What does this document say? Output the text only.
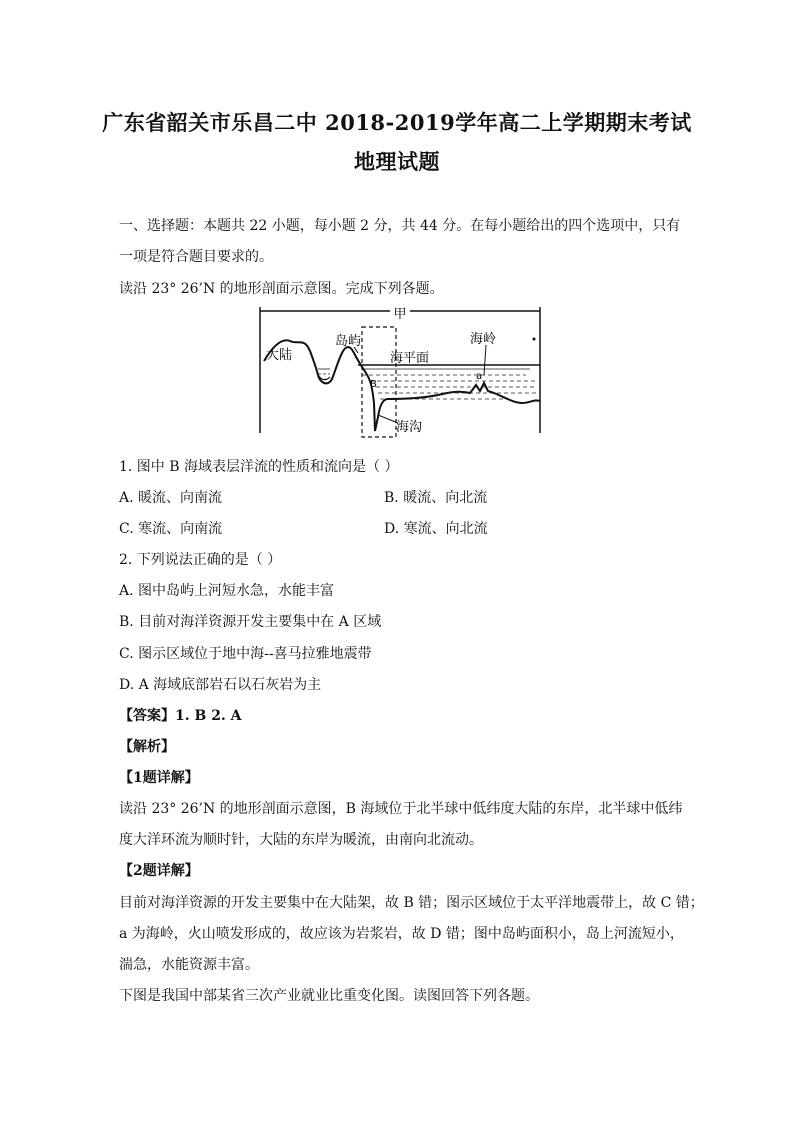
广东省韶关市乐昌二中 2018-2019学年高二上学期期末考试
地理试题
一、选择题：本题共 22 小题，每小题 2 分，共 44 分。在每小题给出的四个选项中，只有
一项是符合题目要求的。
读沿 23° 26’N 的地形剖面示意图。完成下列各题。
甲
大陆
岛屿
海平面
海岭
海沟
a
B
1. 图中 B 海域表层洋流的性质和流向是（ ）
A. 暖流、向南流	B. 暖流、向北流
C. 寒流、向南流	D. 寒流、向北流
2. 下列说法正确的是（ ）
A. 图中岛屿上河短水急，水能丰富
B. 目前对海洋资源开发主要集中在 A 区域
C. 图示区域位于地中海--喜马拉雅地震带
D. A 海域底部岩石以石灰岩为主
【答案】1. B 2. A
【解析】
【1题详解】
读沿 23° 26’N 的地形剖面示意图，B 海域位于北半球中低纬度大陆的东岸，北半球中低纬
度大洋环流为顺时针，大陆的东岸为暖流，由南向北流动。
【2题详解】
目前对海洋资源的开发主要集中在大陆架，故 B 错；图示区域位于太平洋地震带上，故 C 错；
a 为海岭，火山喷发形成的，故应该为岩浆岩，故 D 错；图中岛屿面积小，岛上河流短小，
湍急，水能资源丰富。
下图是我国中部某省三次产业就业比重变化图。读图回答下列各题。
